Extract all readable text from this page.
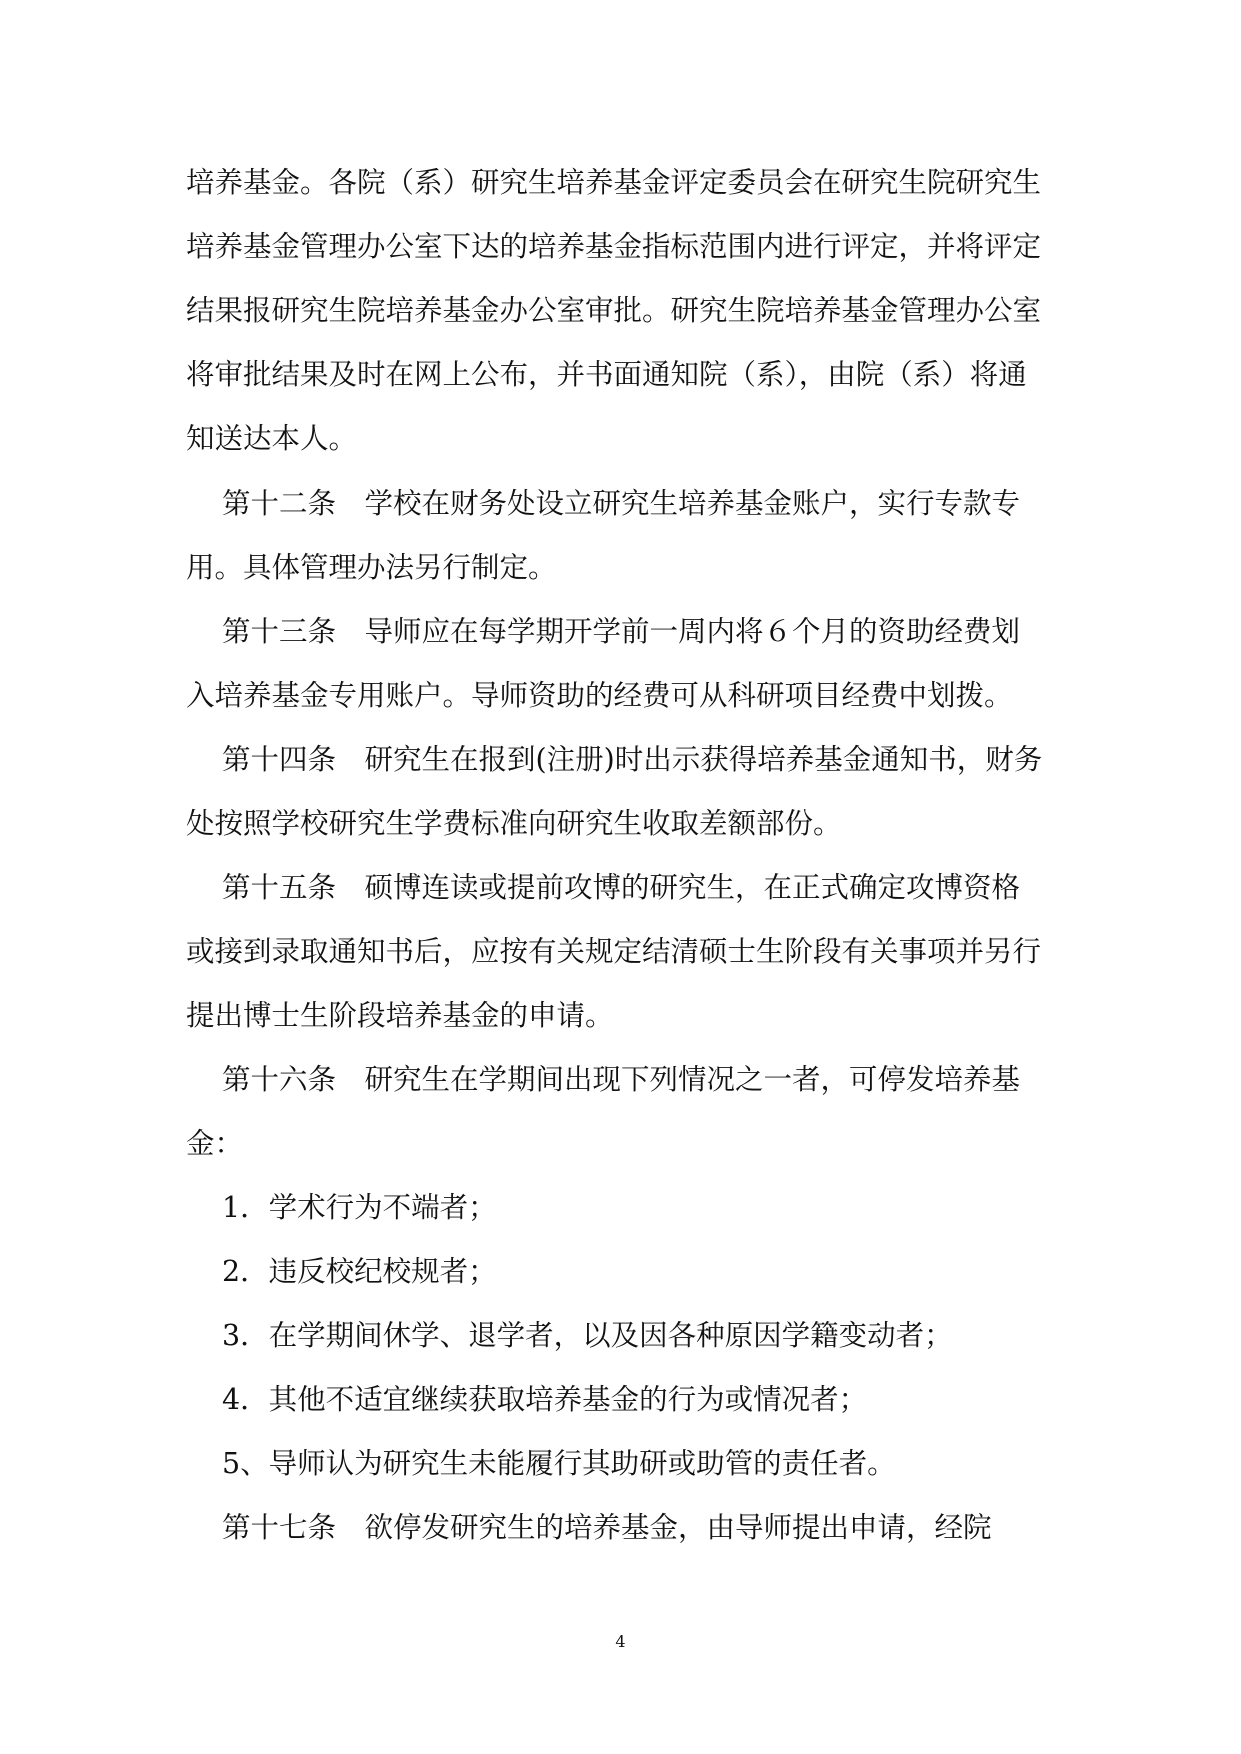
培养基金。各院（系）研究生培养基金评定委员会在研究生院研究生
培养基金管理办公室下达的培养基金指标范围内进行评定，并将评定
结果报研究生院培养基金办公室审批。研究生院培养基金管理办公室
将审批结果及时在网上公布，并书面通知院（系），由院（系）将通
知送达本人。
第十二条　学校在财务处设立研究生培养基金账户，实行专款专
用。具体管理办法另行制定。
第十三条　导师应在每学期开学前一周内将６个月的资助经费划
入培养基金专用账户。导师资助的经费可从科研项目经费中划拨。
第十四条　研究生在报到(注册)时出示获得培养基金通知书，财务
处按照学校研究生学费标准向研究生收取差额部份。
第十五条　硕博连读或提前攻博的研究生，在正式确定攻博资格
或接到录取通知书后，应按有关规定结清硕士生阶段有关事项并另行
提出博士生阶段培养基金的申请。
第十六条　研究生在学期间出现下列情况之一者，可停发培养基
金：
1．学术行为不端者；
2．违反校纪校规者；
3．在学期间休学、退学者，以及因各种原因学籍变动者；
4．其他不适宜继续获取培养基金的行为或情况者；
5、导师认为研究生未能履行其助研或助管的责任者。
第十七条　欲停发研究生的培养基金，由导师提出申请，经院
4
